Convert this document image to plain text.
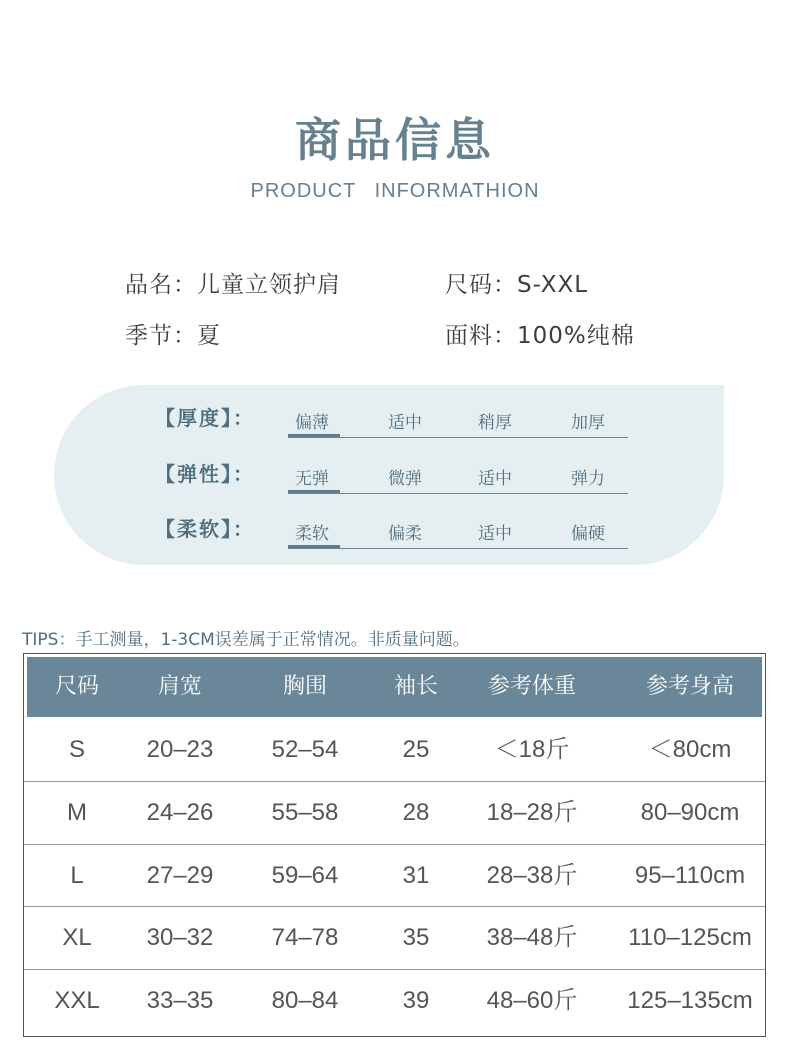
商品信息
PRODUCT INFORMATHION
品名：儿童立领护肩	尺码：S-XXL
季节：夏	面料：100%纯棉
【厚度】： 偏薄	适中	稍厚	加厚
【弹性】： 无弹	微弹	适中	弹力
【柔软】： 柔软	偏柔	适中	偏硬
TIPS：手工测量，1-3CM误差属于正常情况。非质量问题。
尺码	肩宽	胸围	袖长	参考体重	参考身高
S	20–23	52–54	25	＜18斤	＜80cm
M	24–26	55–58	28	18–28斤	80–90cm
L	27–29	59–64	31	28–38斤	95–110cm
XL	30–32	74–78	35	38–48斤	110–125cm
XXL	33–35	80–84	39	48–60斤	125–135cm
